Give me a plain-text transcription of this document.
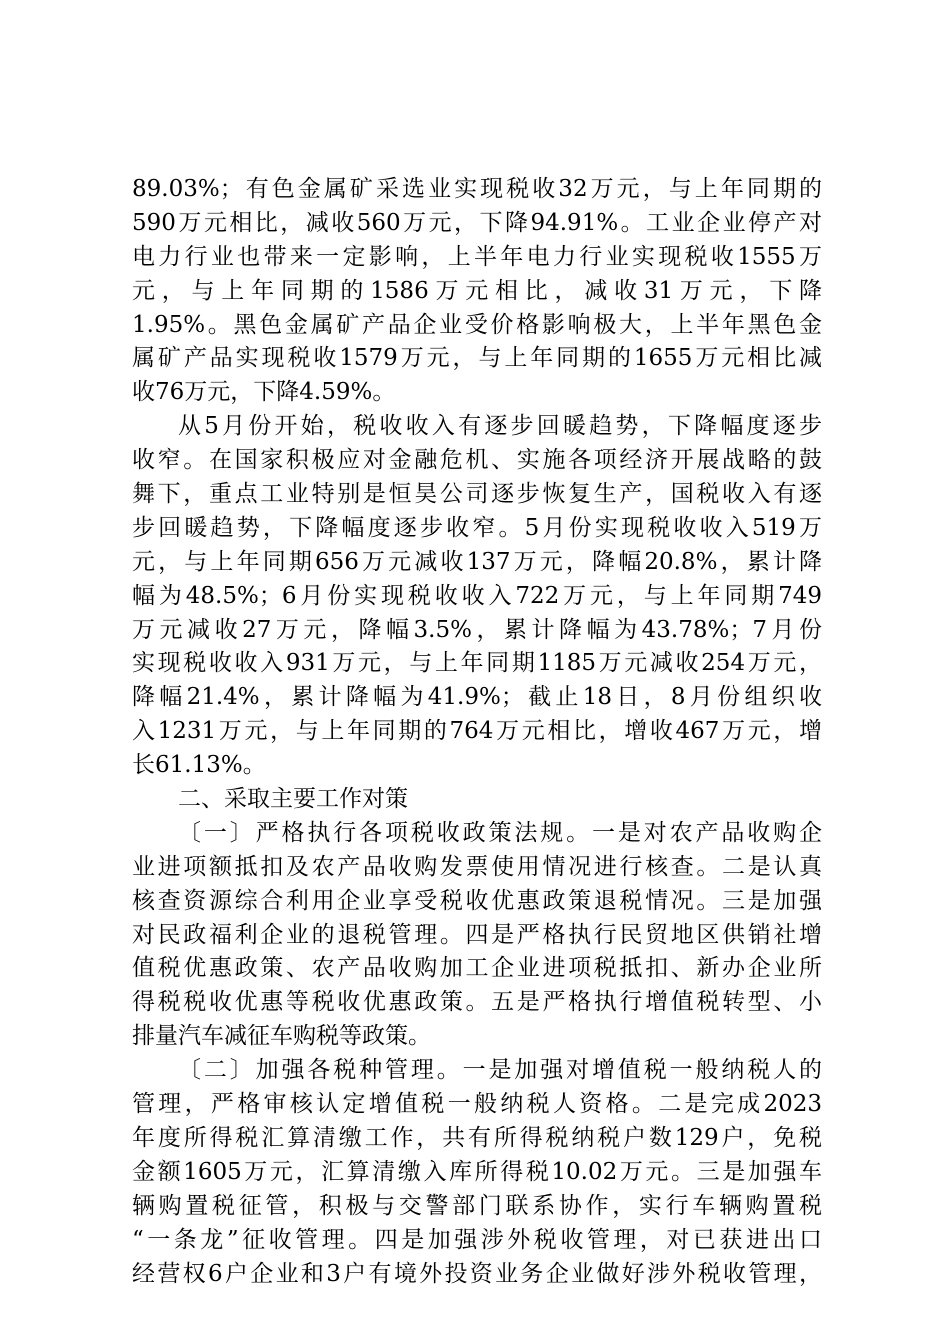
89.03%；有色金属矿采选业实现税收32万元，与上年同期的
590万元相比，减收560万元，下降94.91%。工业企业停产对
电力行业也带来一定影响，上半年电力行业实现税收1555万
元，与上年同期的1586万元相比，减收31万元，下降
1.95%。黑色金属矿产品企业受价格影响极大，上半年黑色金
属矿产品实现税收1579万元，与上年同期的1655万元相比减
收76万元，下降4.59%。
从5月份开始，税收收入有逐步回暖趋势，下降幅度逐步
收窄。在国家积极应对金融危机、实施各项经济开展战略的鼓
舞下，重点工业特别是恒昊公司逐步恢复生产，国税收入有逐
步回暖趋势，下降幅度逐步收窄。5月份实现税收收入519万
元，与上年同期656万元减收137万元，降幅20.8%，累计降
幅为48.5%；6月份实现税收收入722万元，与上年同期749
万元减收27万元，降幅3.5%，累计降幅为43.78%；7月份
实现税收收入931万元，与上年同期1185万元减收254万元，
降幅21.4%，累计降幅为41.9%；截止18日，8月份组织收
入1231万元，与上年同期的764万元相比，增收467万元，增
长61.13%。
二、采取主要工作对策
〔一〕严格执行各项税收政策法规。一是对农产品收购企
业进项额抵扣及农产品收购发票使用情况进行核查。二是认真
核查资源综合利用企业享受税收优惠政策退税情况。三是加强
对民政福利企业的退税管理。四是严格执行民贸地区供销社增
值税优惠政策、农产品收购加工企业进项税抵扣、新办企业所
得税税收优惠等税收优惠政策。五是严格执行增值税转型、小
排量汽车减征车购税等政策。
〔二〕加强各税种管理。一是加强对增值税一般纳税人的
管理，严格审核认定增值税一般纳税人资格。二是完成2023
年度所得税汇算清缴工作，共有所得税纳税户数129户，免税
金额1605万元，汇算清缴入库所得税10.02万元。三是加强车
辆购置税征管，积极与交警部门联系协作，实行车辆购置税
“一条龙”征收管理。四是加强涉外税收管理，对已获进出口
经营权6户企业和3户有境外投资业务企业做好涉外税收管理，
